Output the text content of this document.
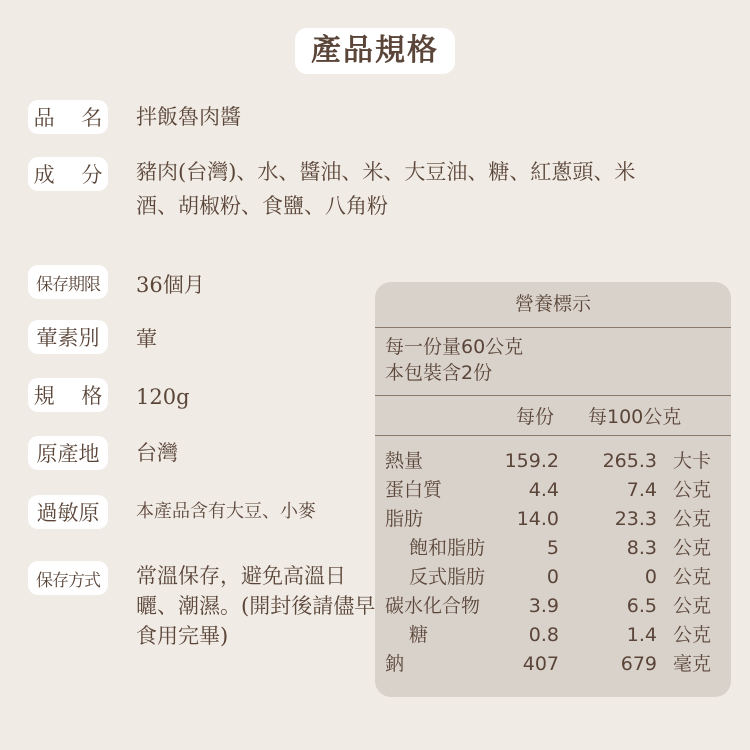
產品規格
品 名 拌飯魯肉醬
成 分 豬肉(台灣)、水、醬油、米、大豆油、糖、紅蔥頭、米酒、胡椒粉、食鹽、八角粉
保存期限	36個月
葷素別	葷
規 格 120g
原產地	台灣
過敏原	本產品含有大豆、小麥
保存方式	常溫保存，避免高溫日曬、潮濕。(開封後請儘早食用完畢)
營養標示
每一份量60公克
本包裝含2份
每份 每100公克
熱量	159.2 265.3 大卡
蛋白質	4.4	7.4 公克
脂肪	14.0	23.3 公克
飽和脂肪	5	8.3 公克
反式脂肪	0	0 公克
碳水化合物	3.9	6.5 公克
糖	0.8	1.4 公克
鈉	407	679 毫克
